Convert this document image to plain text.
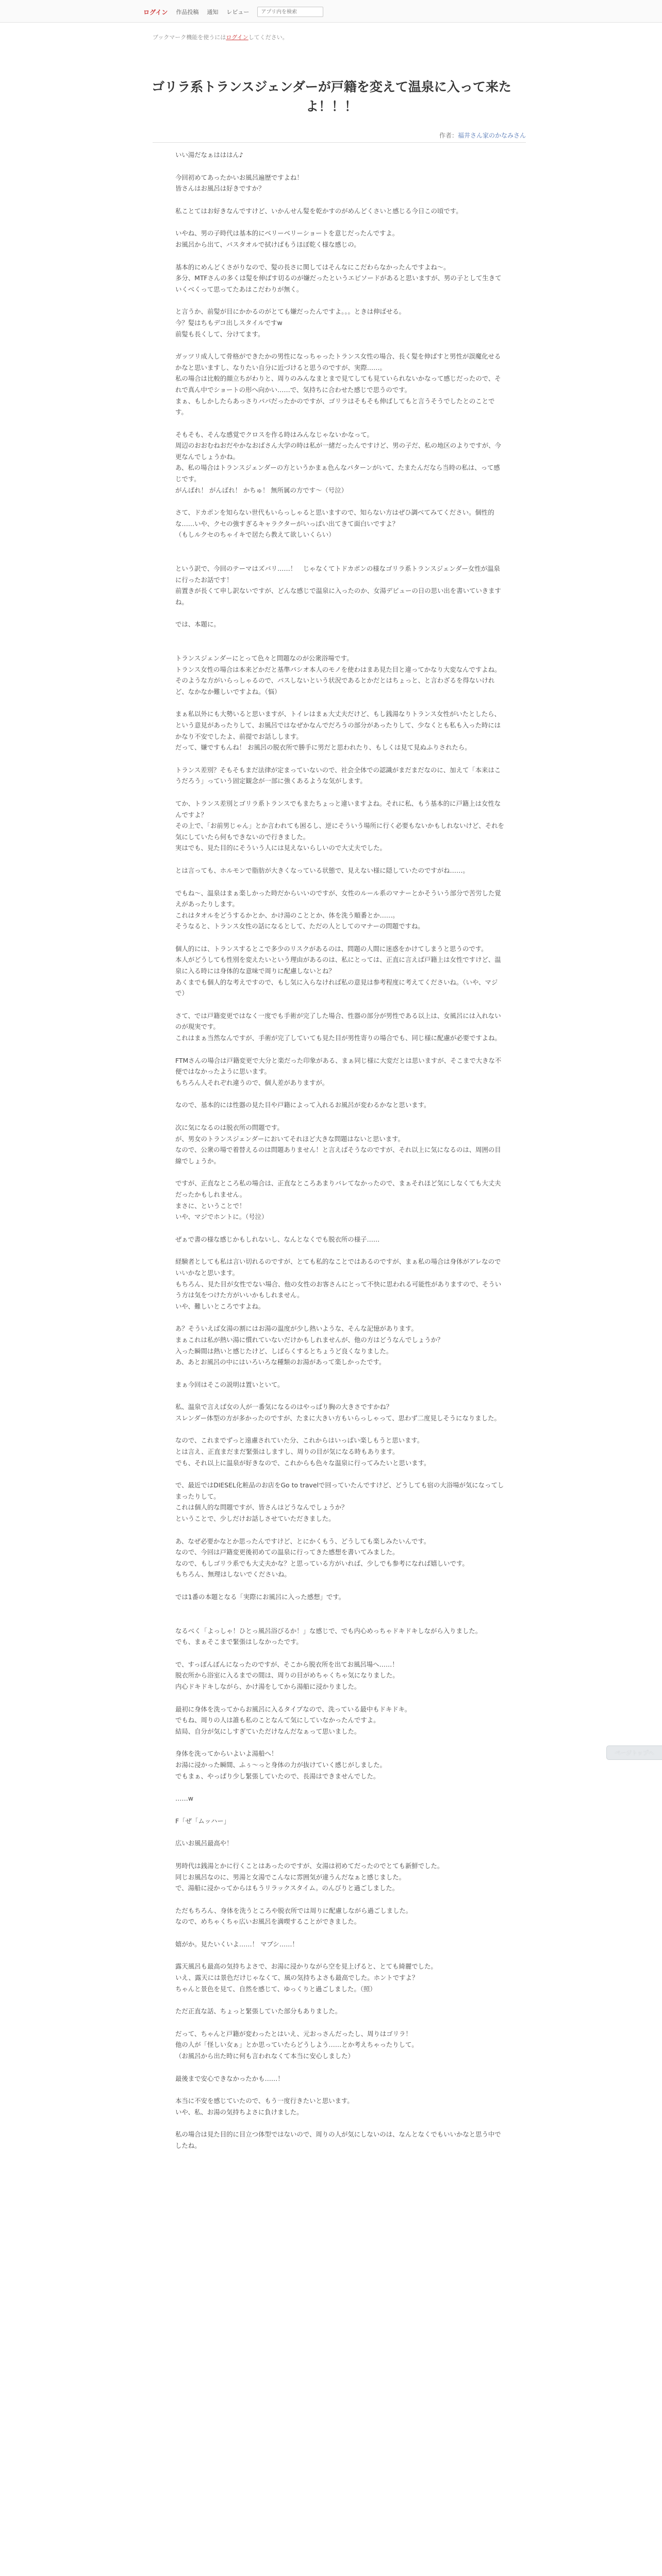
ログイン 作品投稿 通知 レビュー
アプリ内を検索
ブックマーク機能を使うにはログインしてください。
ゴリラ系トランスジェンダーが戸籍を変えて温泉に入って来たよ！！！
作者：福井さん家のかなみさん

いい湯だなぁはははん♪

今回初めてあったかいお風呂遍歴ですよね！
皆さんはお風呂は好きですか？

私ことてはお好きなんですけど、いかんせん髪を乾かすのがめんどくさいと感じる今日この頃です。

いやね、男の子時代は基本的にベリーベリーショートを意じだったんですよ。
お風呂から出て、バスタオルで拭けばもうほぼ乾く様な感じの。

基本的にめんどくさがりなので、髪の長さに関してはそんなにこだわらなかったんですよね～。
多分、MTFさんの多くは髪を伸ばす切るのが嫌だったというエピソードがあると思いますが、男の子として生きていくべくって思ってたあはこだわりが無く。

と言うか、前髪が目にかかるのがとても嫌だったんですよ。。。ときは伸ばせる。
今？髪はちもデコ出しスタイルですw
前髪も長くして、分けてます。

ガッツリ成人して骨格ができたかの男性になっちゃったトランス女性の場合、長く髪を伸ばすと男性が誤魔化せるかなと思いますし、なりたい自分に近づけると思うのですが、実際……。
私の場合は比較的顔立ちがわりと、周りのみんなまとまで見てしても見ていられないかなって感じだったので、それで真ん中でショートの形へ向かい……で、気持ちに合わせた感じで思うのです。
まぁ、もしかしたらあっさりパパだったかのですが、ゴリラはそもそも伸ばしてもと言うそうでしたとのことです。

そもそも、そんな感覚でクロスを作る時はみんなじゃないかなって。
周辺のおおむねおだやかなおばさん大学の時は私が一緒だったんですけど、男の子だ、私の地区のよりですが、今更なんでしょうかね。
あ、私の場合はトランスジェンダーの方というかまぁ色んなパターンがいて、たまたんだなら当時の私は、って感じです。
がんばれ！ がんばれ！ かちゅ！ 無所属の方です～（号泣）

さて、ドカポンを知らない世代もいらっしゃると思いますので、知らない方はぜひ調べてみてください。個性的な……いや、クセの強すぎるキャラクターがいっぱい出てきて面白いですよ？
（もしルクセのちゃイキで居たら教えて欲しいくらい）

という訳で、今回のテーマはズバリ……！　じゃなくてトドカポンの様なゴリラ系トランスジェンダー女性が温泉に行ったお話です！
前置きが長くて申し訳ないですが、どんな感じで温泉に入ったのか、女湯デビューの日の思い出を書いていきますね。

では、本題に。

トランスジェンダーにとって色々と問題なのが公衆浴場です。
トランス女性の場合は本来どかだと基準パシオ本人のモノを使わはまあ見た目と違ってかなり大変なんですよね。
そのような方がいらっしゃるので、パスしないという状況であるとかだとはちょっと、と言わざるを得ないけれど、なかなか難しいですよね。（悩）

まぁ私以外にも大勢いると思いますが、トイレはまぁ大丈夫だけど、もし銭湯なりトランス女性がいたとしたら、という意見があったりして、お風呂ではなぜかなんでだろうの部分があったりして、少なくとも私も入った時にはかなり不安でしたよ、前提でお話しします。
だって、嫌ですもんね！ お風呂の脱衣所で勝手に男だと思われたり、もしくは見て見ぬふりされたら。

トランス差別？そもそもまだ法律が定まっていないので、社会全体での認識がまだまだなのに、加えて「本来はこうだろう」っていう固定観念が一部に強くあるような気がします。

てか、トランス差別とゴリラ系トランスでもまたちょっと違いますよね。それに私、もう基本的に戸籍上は女性なんですよ？
その上で、「お前男じゃん」とか言われても困るし、逆にそういう場所に行く必要もないかもしれないけど、それを気にしていたら何もできないので行きました。
実はでも、見た目的にそういう人には見えないらしいので大丈夫でした。

とは言っても、ホルモンで脂肪が大きくなっている状態で、見えない様に隠していたのですがね……。

でもね～、温泉はまぁ楽しかった時だからいいのですが、女性のルール系のマナーとかそういう部分で苦労した覚えがあったりします。
これはタオルをどうするかとか、かけ湯のこととか、体を洗う順番とか……。
そうなると、トランス女性の話になるとして、ただの人としてのマナーの問題ですね。

個人的には、トランスするとこで多少のリスクがあるのは、問題の人間に迷惑をかけてしまうと思うのです。
本人がどうしても性別を変えたいという理由があるのは、私にとっては、正直に言えば戸籍上は女性ですけど、温泉に入る時には身体的な意味で周りに配慮しないとね？
あくまでも個人的な考えですので、もし気に入らなければ私の意見は参考程度に考えてくださいね。（いや、マジで）

さて、では戸籍変更ではなく一度でも手術が完了した場合、性器の部分が男性である以上は、女風呂には入れないのが現実です。
これはまぁ当然なんですが、手術が完了していても見た目が男性寄りの場合でも、同じ様に配慮が必要ですよね。

FTMさんの場合は戸籍変更で大分と楽だった印象がある、まぁ同じ様に大変だとは思いますが、そこまで大きな不便ではなかったように思います。
もちろん人それぞれ違うので、個人差がありますが。

なので、基本的には性器の見た目や戸籍によって入れるお風呂が変わるかなと思います。

次に気になるのは脱衣所の問題です。
が、男女のトランスジェンダーにおいてそれほど大きな問題はないと思います。
なので、公衆の場で着替えるのは問題ありません！と言えばそうなのですが、それ以上に気になるのは、周囲の目線でしょうか。

ですが、正直なところ私の場合は、正直なところあまりバレてなかったので、まぁそれほど気にしなくても大丈夫だったかもしれません。
まさに、ということで！
いや、マジでホントに。（号泣）

ぜぁで書の様な感じかもしれないし、なんとなくでも脱衣所の様子……

経験者としても私は言い切れるのですが、とても私的なことではあるのですが、まぁ私の場合は身体がアレなのでいいかなと思います。
もちろん、見た目が女性でない場合、他の女性のお客さんにとって不快に思われる可能性がありますので、そういう方は気をつけた方がいいかもしれません。
いや、難しいところですよね。

あ？そういえば女湯の割にはお湯の温度が少し熱いような、そんな記憶があります。
まぁこれは私が熱い湯に慣れていないだけかもしれませんが、他の方はどうなんでしょうか？
入った瞬間は熱いと感じたけど、しばらくするとちょうど良くなりました。
あ、あとお風呂の中にはいろいろな種類のお湯があって楽しかったです。

まぁ今回はそこの説明は置いといて。

私、温泉で言えば女の人が一番気になるのはやっぱり胸の大きさですかね？
スレンダー体型の方が多かったのですが、たまに大きい方もいらっしゃって、思わず二度見しそうになりました。

なので、これまでずっと遠慮されていた分、これからはいっぱい楽しもうと思います。
とは言え、正直まだまだ緊張はしますし、周りの目が気になる時もあります。
でも、それ以上に温泉が好きなので、これからも色々な温泉に行ってみたいと思います。

で、最近ではDIESEL化粧品のお店をGo to travelで回っていたんですけど、どうしても宿の大浴場が気になってしまったりして。
これは個人的な問題ですが、皆さんはどうなんでしょうか？
ということで、少しだけお話しさせていただきました。

あ、なぜ必要かなとか思ったんですけど、とにかくもう、どうしても楽しみたいんです。
なので、今回は戸籍変更後初めての温泉に行ってきた感想を書いてみました。
なので、もしゴリラ系でも大丈夫かな？と思っている方がいれば、少しでも参考になれば嬉しいです。
もちろん、無理はしないでくださいね。

では1番の本題となる「実際にお風呂に入った感想」です。

なるべく「よっしゃ！ひとっ風呂浴びるか！」な感じで、でも内心めっちゃドキドキしながら入りました。
でも、まぁそこまで緊張はしなかったです。

で、すっぽんぽんになったのですが、そこから脱衣所を出てお風呂場へ……！
脱衣所から浴室に入るまでの間は、周りの目がめちゃくちゃ気になりました。
内心ドキドキしながら、かけ湯をしてから湯船に浸かりました。

最初に身体を洗ってからお風呂に入るタイプなので、洗っている最中もドキドキ。
でもね、周りの人は誰も私のことなんて気にしていなかったんですよ。
結局、自分が気にしすぎていただけなんだなぁって思いました。

身体を洗ってからいよいよ湯船へ！
お湯に浸かった瞬間、ふぅ～っと身体の力が抜けていく感じがしました。
でもまぁ、やっぱり少し緊張していたので、長湯はできませんでした。

……w

F「ぜ「ムッハー」

広いお風呂最高や！

男時代は銭湯とかに行くことはあったのですが、女湯は初めてだったのでとても新鮮でした。
同じお風呂なのに、男湯と女湯でこんなに雰囲気が違うんだなぁと感じました。
で、湯船に浸かってからはもうリラックスタイム。のんびりと過ごしました。

ただもちろん、身体を洗うところや脱衣所では周りに配慮しながら過ごしました。
なので、めちゃくちゃ広いお風呂を満喫することができました。

嬉がか。見たいくいよ……！ マブシ……！

露天風呂も最高の気持ちよさで、お湯に浸かりながら空を見上げると、とても綺麗でした。
いえ、露天には景色だけじゃなくて、風の気持ちよさも最高でした。ホントですよ？
ちゃんと景色を見て、自然を感じて、ゆっくりと過ごしました。（照）

ただ正直な話、ちょっと緊張していた部分もありました。

だって、ちゃんと戸籍が変わったとはいえ、元おっさんだったし、周りはゴリラ！
他の人が「怪しい女ぁ」とか思っていたらどうしよう……とか考えちゃったりして。
（お風呂から出た時に何も言われなくて本当に安心しました）

最後まで安心できなかったかも……！

本当に不安を感じていたので、もう一度行きたいと思います。
いや、私、お湯の気持ちよさに負けました。

私の場合は見た目的に目立つ体型ではないので、周りの人が気にしないのは、なんとなくでもいいかなと思う中でしたね。

ページトップへ
